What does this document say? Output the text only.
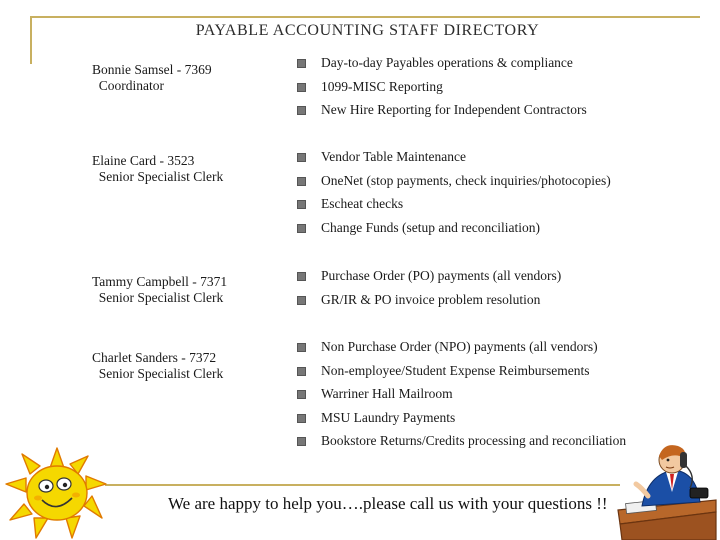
PAYABLE ACCOUNTING STAFF DIRECTORY
Bonnie Samsel - 7369
Coordinator
Day-to-day Payables operations & compliance
1099-MISC Reporting
New Hire Reporting for Independent Contractors
Elaine Card - 3523
Senior Specialist Clerk
Vendor Table Maintenance
OneNet (stop payments, check inquiries/photocopies)
Escheat checks
Change Funds (setup and reconciliation)
Tammy Campbell - 7371
Senior Specialist Clerk
Purchase Order (PO) payments (all vendors)
GR/IR & PO invoice problem resolution
Charlet Sanders - 7372
Senior Specialist Clerk
Non Purchase Order (NPO) payments (all vendors)
Non-employee/Student Expense Reimbursements
Warriner Hall Mailroom
MSU Laundry Payments
Bookstore Returns/Credits processing and reconciliation
We are happy to help you….please call us with your questions !!
